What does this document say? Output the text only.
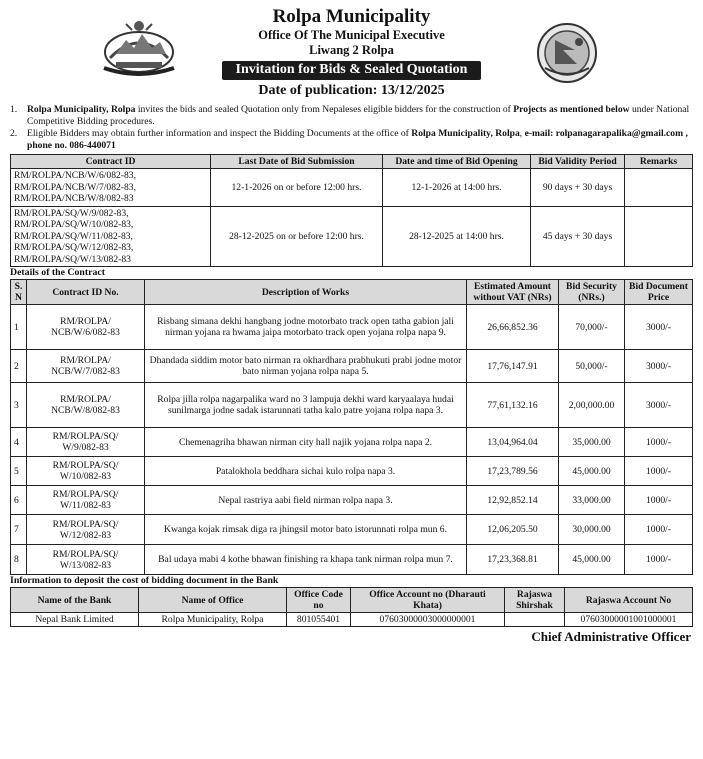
Rolpa Municipality
Office Of The Municipal Executive
Liwang 2 Rolpa
Invitation for Bids & Sealed Quotation
Date of publication: 13/12/2025
1.	Rolpa Municipality, Rolpa invites the bids and sealed Quotation only from Nepaleses eligible bidders for the construction of Projects as mentioned below under National Competitive Bidding procedures.
2.	Eligible Bidders may obtain further information and inspect the Bidding Documents at the office of Rolpa Municipality, Rolpa, e-mail: rolpanagarapalika@gmail.com , phone no. 086-440071
Contract ID	Last Date of Bid Submission	Date and time of Bid Opening	Bid Validity Period	Remarks

RM/ROLPA/NCB/W/6/082-83,
RM/ROLPA/NCB/W/7/082-83,
RM/ROLPA/NCB/W/8/082-83	12-1-2026 on or before 12:00 hrs.	12-1-2026 at 14:00 hrs.	90 days + 30 days	

RM/ROLPA/SQ/W/9/082-83,
RM/ROLPA/SQ/W/10/082-83,
RM/ROLPA/SQ/W/11/082-83,
RM/ROLPA/SQ/W/12/082-83,
RM/ROLPA/SQ/W/13/082-83	28-12-2025 on or before 12:00 hrs.	28-12-2025 at 14:00 hrs.	45 days + 30 days	
Details of the Contract
S. N	Contract ID No.	Description of Works	Estimated Amount without VAT (NRs)	Bid Security (NRs.)	Bid Document Price
1	RM/ROLPA/
NCB/W/6/082-83	Risbang simana dekhi hangbang jodne motorbato track open tatha gabion jali nirman yojana ra hwama jaipa motorbato track open yojana rolpa napa 9.	26,66,852.36	70,000/-	3000/-
2	RM/ROLPA/
NCB/W/7/082-83	Dhandada siddim motor bato nirman ra okhardhara prabhukuti prabi jodne motor bato nirman yojana rolpa napa 5.	17,76,147.91	50,000/-	3000/-
3	RM/ROLPA/
NCB/W/8/082-83	Rolpa jilla rolpa nagarpalika ward no 3 lampuja dekhi ward karyaalaya hudai sunilmarga jodne sadak istarunnati tatha kalo patre yojana rolpa napa 3.	77,61,132.16	2,00,000.00	3000/-
4	RM/ROLPA/SQ/
W/9/082-83	Chemenagriha bhawan nirman city hall najik yojana rolpa napa 2.	13,04,964.04	35,000.00	1000/-
5	RM/ROLPA/SQ/
W/10/082-83	Patalokhola beddhara sichai kulo rolpa napa 3.	17,23,789.56	45,000.00	1000/-
6	RM/ROLPA/SQ/
W/11/082-83	Nepal rastriya aabi field nirman rolpa napa 3.	12,92,852.14	33,000.00	1000/-
7	RM/ROLPA/SQ/
W/12/082-83	Kwanga kojak rimsak diga ra jhingsil motor bato istorunnati rolpa mun 6.	12,06,205.50	30,000.00	1000/-
8	RM/ROLPA/SQ/
W/13/082-83	Bal udaya mabi 4 kothe bhawan finishing ra khapa tank nirman rolpa mun 7.	17,23,368.81	45,000.00	1000/-
Information to deposit the cost of bidding document in the Bank
Name of the Bank	Name of Office	Office Code no	Office Account no (Dharauti Khata)	Rajaswa Shirshak	Rajaswa Account No
Nepal Bank Limited	Rolpa Municipality, Rolpa	801055401	07603000003000000001		07603000001001000001
Chief Administrative Officer
